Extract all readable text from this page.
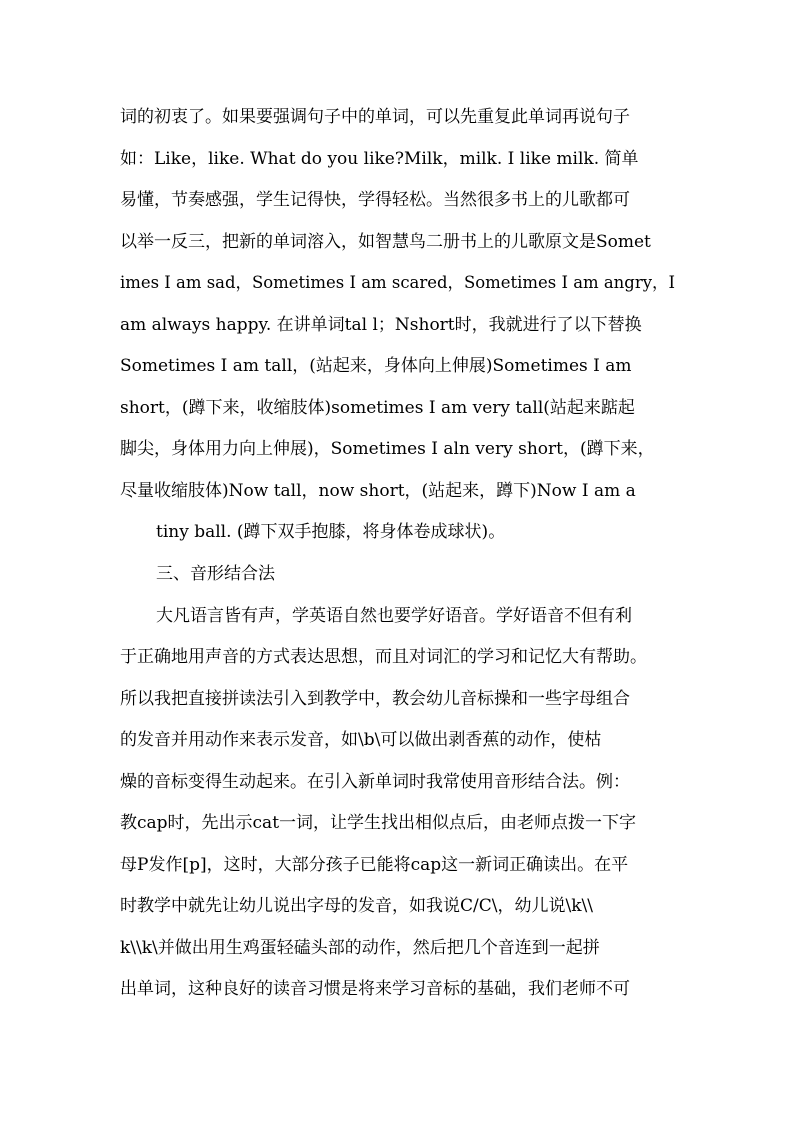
词的初衷了。如果要强调句子中的单词，可以先重复此单词再说句子
如：Like，like. What do you like?Milk，milk. I like milk. 简单
易懂，节奏感强，学生记得快，学得轻松。当然很多书上的儿歌都可
以举一反三，把新的单词溶入，如智慧鸟二册书上的儿歌原文是Somet
imes I am sad，Sometimes I am scared，Sometimes I am angry，I
am always happy. 在讲单词tal l；Nshort时，我就进行了以下替换
Sometimes I am tall，(站起来，身体向上伸展)Sometimes I am
short，(蹲下来，收缩肢体)sometimes I am very tall(站起来踮起
脚尖，身体用力向上伸展)，Sometimes I aln very short，(蹲下来，
尽量收缩肢体)Now tall，now short，(站起来，蹲下)Now I am a
tiny ball. (蹲下双手抱膝，将身体卷成球状)。
三、音形结合法
大凡语言皆有声，学英语自然也要学好语音。学好语音不但有利
于正确地用声音的方式表达思想，而且对词汇的学习和记忆大有帮助。
所以我把直接拼读法引入到教学中，教会幼儿音标操和一些字母组合
的发音并用动作来表示发音，如\b\可以做出剥香蕉的动作，使枯
燥的音标变得生动起来。在引入新单词时我常使用音形结合法。例：
教cap时，先出示cat一词，让学生找出相似点后，由老师点拨一下字
母P发作[p]，这时，大部分孩子已能将cap这一新词正确读出。在平
时教学中就先让幼儿说出字母的发音，如我说C/C\，幼儿说\k\\
k\\k\并做出用生鸡蛋轻磕头部的动作，然后把几个音连到一起拼
出单词，这种良好的读音习惯是将来学习音标的基础，我们老师不可
